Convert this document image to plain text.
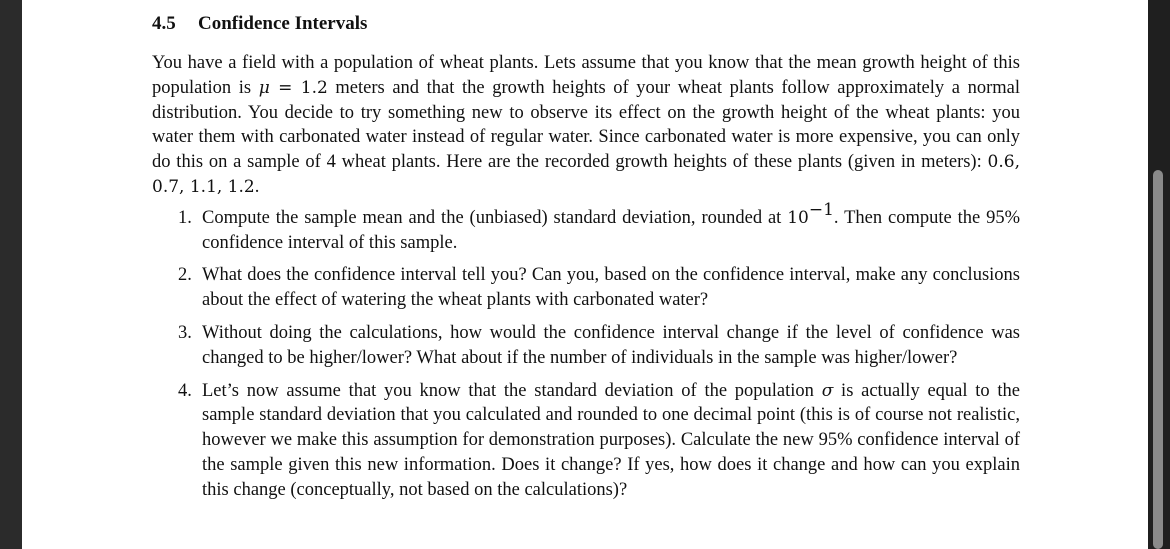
4.5 Confidence Intervals

You have a field with a population of wheat plants. Lets assume that you know that the mean growth height of this population is μ = 1.2 meters and that the growth heights of your wheat plants follow approximately a normal distribution. You decide to try something new to observe its effect on the growth height of the wheat plants: you water them with carbonated water instead of regular water. Since carbonated water is more expensive, you can only do this on a sample of 4 wheat plants. Here are the recorded growth heights of these plants (given in meters): 0.6, 0.7, 1.1, 1.2.

1. Compute the sample mean and the (unbiased) standard deviation, rounded at $10^{-1}$. Then compute the 95% confidence interval of this sample.
2. What does the confidence interval tell you? Can you, based on the confidence interval, make any conclusions about the effect of watering the wheat plants with carbonated water?
3. Without doing the calculations, how would the confidence interval change if the level of confidence was changed to be higher/lower? What about if the number of individuals in the sample was higher/lower?
4. Let’s now assume that you know that the standard deviation of the population σ is actually equal to the sample standard deviation that you calculated and rounded to one decimal point (this is of course not realistic, however we make this assumption for demonstration purposes). Calculate the new 95% confidence interval of the sample given this new information. Does it change? If yes, how does it change and how can you explain this change (conceptually, not based on the calculations)?
